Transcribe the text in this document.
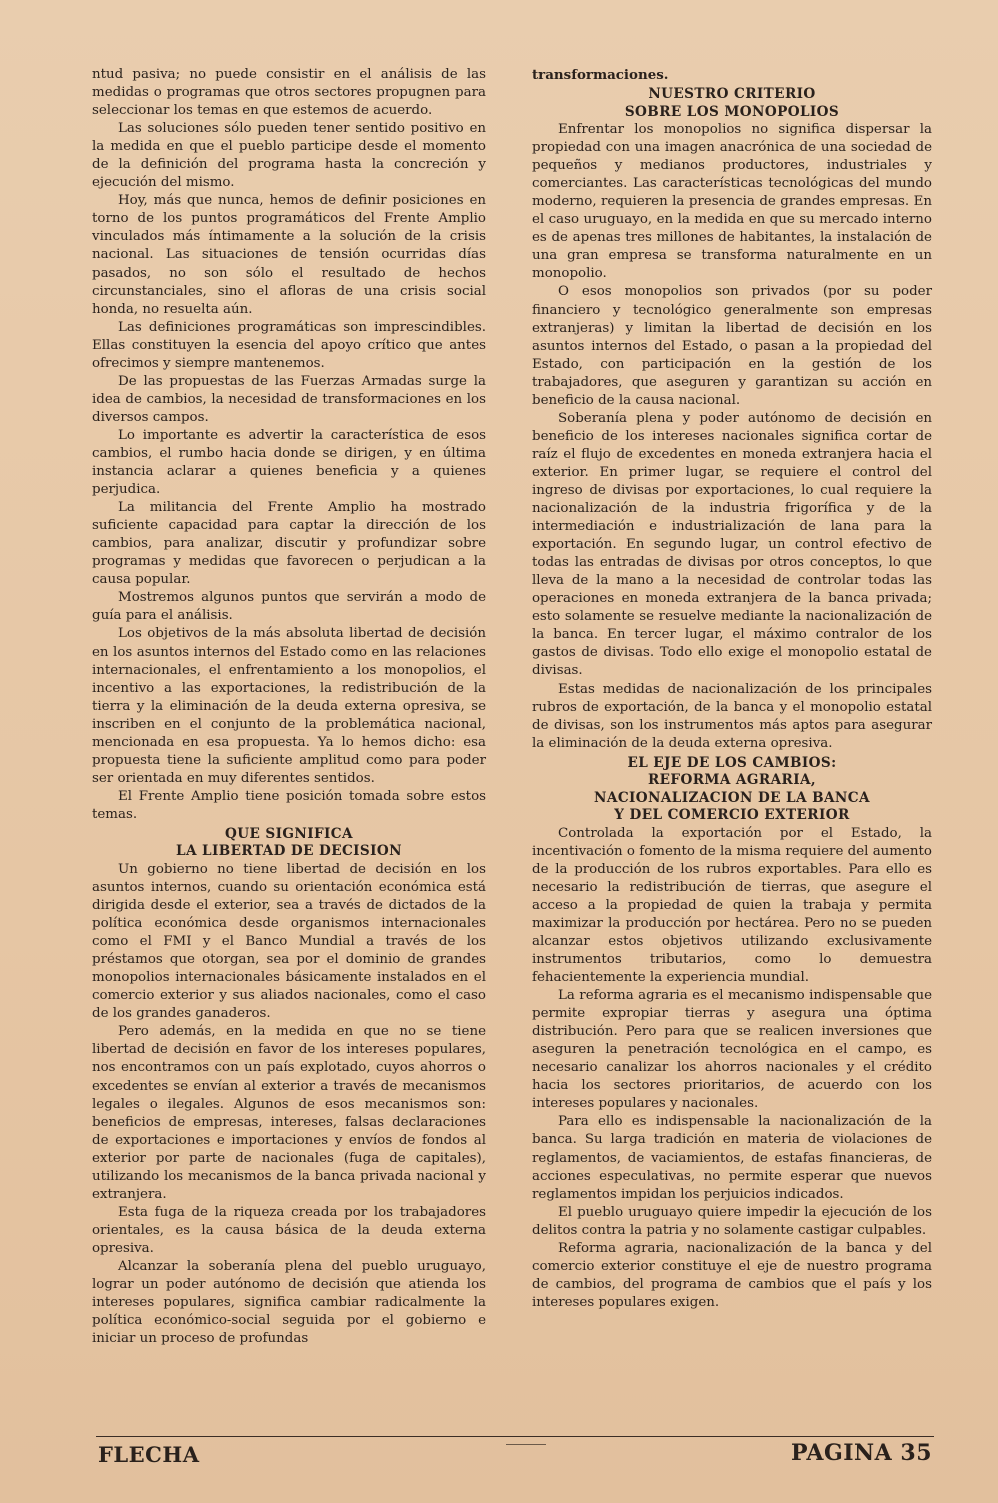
ntud pasiva; no puede consistir en el análisis de las medidas o programas que otros sectores propugnen para seleccionar los temas en que estemos de acuerdo.

Las soluciones sólo pueden tener sentido positivo en la medida en que el pueblo participe desde el momento de la definición del programa hasta la concreción y ejecución del mismo.

Hoy, más que nunca, hemos de definir posiciones en torno de los puntos programáticos del Frente Amplio vinculados más íntimamente a la solución de la crisis nacional. Las situaciones de tensión ocurridas días pasados, no son sólo el resultado de hechos circunstanciales, sino el afloras de una crisis social honda, no resuelta aún.

Las definiciones programáticas son imprescindibles. Ellas constituyen la esencia del apoyo crítico que antes ofrecimos y siempre mantenemos.

De las propuestas de las Fuerzas Armadas surge la idea de cambios, la necesidad de transformaciones en los diversos campos.

Lo importante es advertir la característica de esos cambios, el rumbo hacia donde se dirigen, y en última instancia aclarar a quienes beneficia y a quienes perjudica.

La militancia del Frente Amplio ha mostrado suficiente capacidad para captar la dirección de los cambios, para analizar, discutir y profundizar sobre programas y medidas que favorecen o perjudican a la causa popular.

Mostremos algunos puntos que servirán a modo de guía para el análisis.

Los objetivos de la más absoluta libertad de decisión en los asuntos internos del Estado como en las relaciones internacionales, el enfrentamiento a los monopolios, el incentivo a las exportaciones, la redistribución de la tierra y la eliminación de la deuda externa opresiva, se inscriben en el conjunto de la problemática nacional, mencionada en esa propuesta. Ya lo hemos dicho: esa propuesta tiene la suficiente amplitud como para poder ser orientada en muy diferentes sentidos.

El Frente Amplio tiene posición tomada sobre estos temas.

QUE SIGNIFICA
LA LIBERTAD DE DECISION

Un gobierno no tiene libertad de decisión en los asuntos internos, cuando su orientación económica está dirigida desde el exterior, sea a través de dictados de la política económica desde organismos internacionales como el FMI y el Banco Mundial a través de los préstamos que otorgan, sea por el dominio de grandes monopolios internacionales básicamente instalados en el comercio exterior y sus aliados nacionales, como el caso de los grandes ganaderos.

Pero además, en la medida en que no se tiene libertad de decisión en favor de los intereses populares, nos encontramos con un país explotado, cuyos ahorros o excedentes se envían al exterior a través de mecanismos legales o ilegales. Algunos de esos mecanismos son: beneficios de empresas, intereses, falsas declaraciones de exportaciones e importaciones y envíos de fondos al exterior por parte de nacionales (fuga de capitales), utilizando los mecanismos de la banca privada nacional y extranjera.

Esta fuga de la riqueza creada por los trabajadores orientales, es la causa básica de la deuda externa opresiva.

Alcanzar la soberanía plena del pueblo uruguayo, lograr un poder autónomo de decisión que atienda los intereses populares, significa cambiar radicalmente la política económico-social seguida por el gobierno e iniciar un proceso de profundas

transformaciones.

NUESTRO CRITERIO
SOBRE LOS MONOPOLIOS

Enfrentar los monopolios no significa dispersar la propiedad con una imagen anacrónica de una sociedad de pequeños y medianos productores, industriales y comerciantes. Las características tecnológicas del mundo moderno, requieren la presencia de grandes empresas. En el caso uruguayo, en la medida en que su mercado interno es de apenas tres millones de habitantes, la instalación de una gran empresa se transforma naturalmente en un monopolio.

O esos monopolios son privados (por su poder financiero y tecnológico generalmente son empresas extranjeras) y limitan la libertad de decisión en los asuntos internos del Estado, o pasan a la propiedad del Estado, con participación en la gestión de los trabajadores, que aseguren y garantizan su acción en beneficio de la causa nacional.

Soberanía plena y poder autónomo de decisión en beneficio de los intereses nacionales significa cortar de raíz el flujo de excedentes en moneda extranjera hacia el exterior. En primer lugar, se requiere el control del ingreso de divisas por exportaciones, lo cual requiere la nacionalización de la industria frigorífica y de la intermediación e industrialización de lana para la exportación. En segundo lugar, un control efectivo de todas las entradas de divisas por otros conceptos, lo que lleva de la mano a la necesidad de controlar todas las operaciones en moneda extranjera de la banca privada; esto solamente se resuelve mediante la nacionalización de la banca. En tercer lugar, el máximo contralor de los gastos de divisas. Todo ello exige el monopolio estatal de divisas.

Estas medidas de nacionalización de los principales rubros de exportación, de la banca y el monopolio estatal de divisas, son los instrumentos más aptos para asegurar la eliminación de la deuda externa opresiva.

EL EJE DE LOS CAMBIOS:
REFORMA AGRARIA,
NACIONALIZACION DE LA BANCA
Y DEL COMERCIO EXTERIOR

Controlada la exportación por el Estado, la incentivación o fomento de la misma requiere del aumento de la producción de los rubros exportables. Para ello es necesario la redistribución de tierras, que asegure el acceso a la propiedad de quien la trabaja y permita maximizar la producción por hectárea. Pero no se pueden alcanzar estos objetivos utilizando exclusivamente instrumentos tributarios, como lo demuestra fehacientemente la experiencia mundial.

La reforma agraria es el mecanismo indispensable que permite expropiar tierras y asegura una óptima distribución. Pero para que se realicen inversiones que aseguren la penetración tecnológica en el campo, es necesario canalizar los ahorros nacionales y el crédito hacia los sectores prioritarios, de acuerdo con los intereses populares y nacionales.

Para ello es indispensable la nacionalización de la banca. Su larga tradición en materia de violaciones de reglamentos, de vaciamientos, de estafas financieras, de acciones especulativas, no permite esperar que nuevos reglamentos impidan los perjuicios indicados.

El pueblo uruguayo quiere impedir la ejecución de los delitos contra la patria y no solamente castigar culpables.

Reforma agraria, nacionalización de la banca y del comercio exterior constituye el eje de nuestro programa de cambios, del programa de cambios que el país y los intereses populares exigen.

FLECHA	PAGINA 35
